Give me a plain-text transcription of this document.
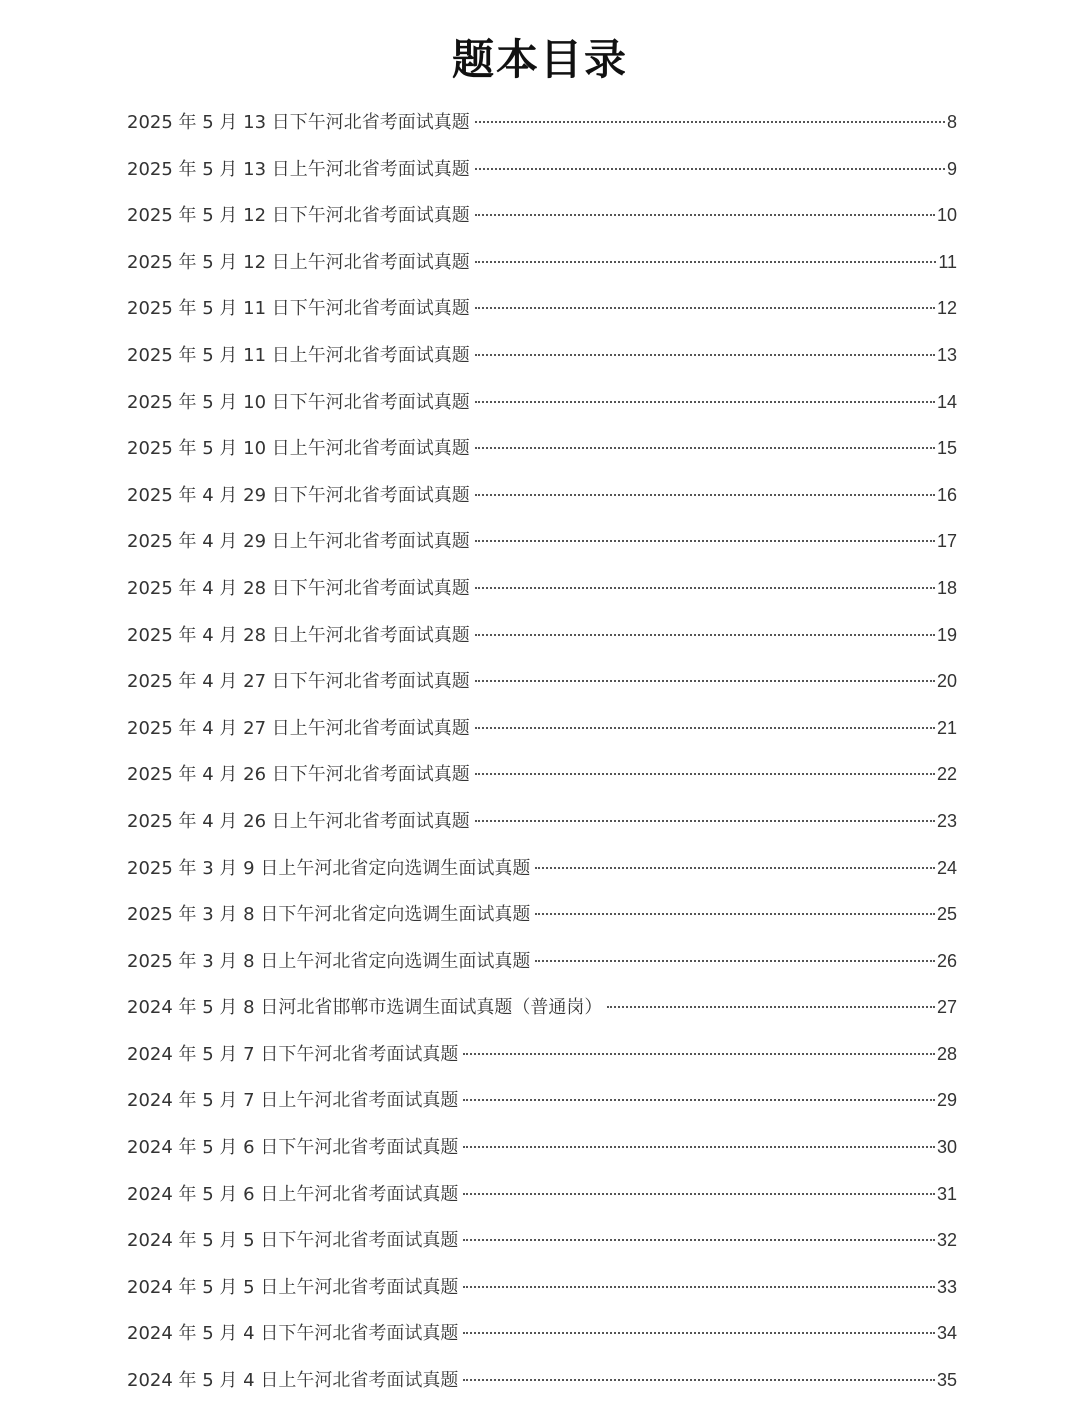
题本目录
2025 年 5 月 13 日下午河北省考面试真题	8
2025 年 5 月 13 日上午河北省考面试真题	9
2025 年 5 月 12 日下午河北省考面试真题	10
2025 年 5 月 12 日上午河北省考面试真题	11
2025 年 5 月 11 日下午河北省考面试真题	12
2025 年 5 月 11 日上午河北省考面试真题	13
2025 年 5 月 10 日下午河北省考面试真题	14
2025 年 5 月 10 日上午河北省考面试真题	15
2025 年 4 月 29 日下午河北省考面试真题	16
2025 年 4 月 29 日上午河北省考面试真题	17
2025 年 4 月 28 日下午河北省考面试真题	18
2025 年 4 月 28 日上午河北省考面试真题	19
2025 年 4 月 27 日下午河北省考面试真题	20
2025 年 4 月 27 日上午河北省考面试真题	21
2025 年 4 月 26 日下午河北省考面试真题	22
2025 年 4 月 26 日上午河北省考面试真题	23
2025 年 3 月 9 日上午河北省定向选调生面试真题	24
2025 年 3 月 8 日下午河北省定向选调生面试真题	25
2025 年 3 月 8 日上午河北省定向选调生面试真题	26
2024 年 5 月 8 日河北省邯郸市选调生面试真题（普通岗）	27
2024 年 5 月 7 日下午河北省考面试真题	28
2024 年 5 月 7 日上午河北省考面试真题	29
2024 年 5 月 6 日下午河北省考面试真题	30
2024 年 5 月 6 日上午河北省考面试真题	31
2024 年 5 月 5 日下午河北省考面试真题	32
2024 年 5 月 5 日上午河北省考面试真题	33
2024 年 5 月 4 日下午河北省考面试真题	34
2024 年 5 月 4 日上午河北省考面试真题	35
